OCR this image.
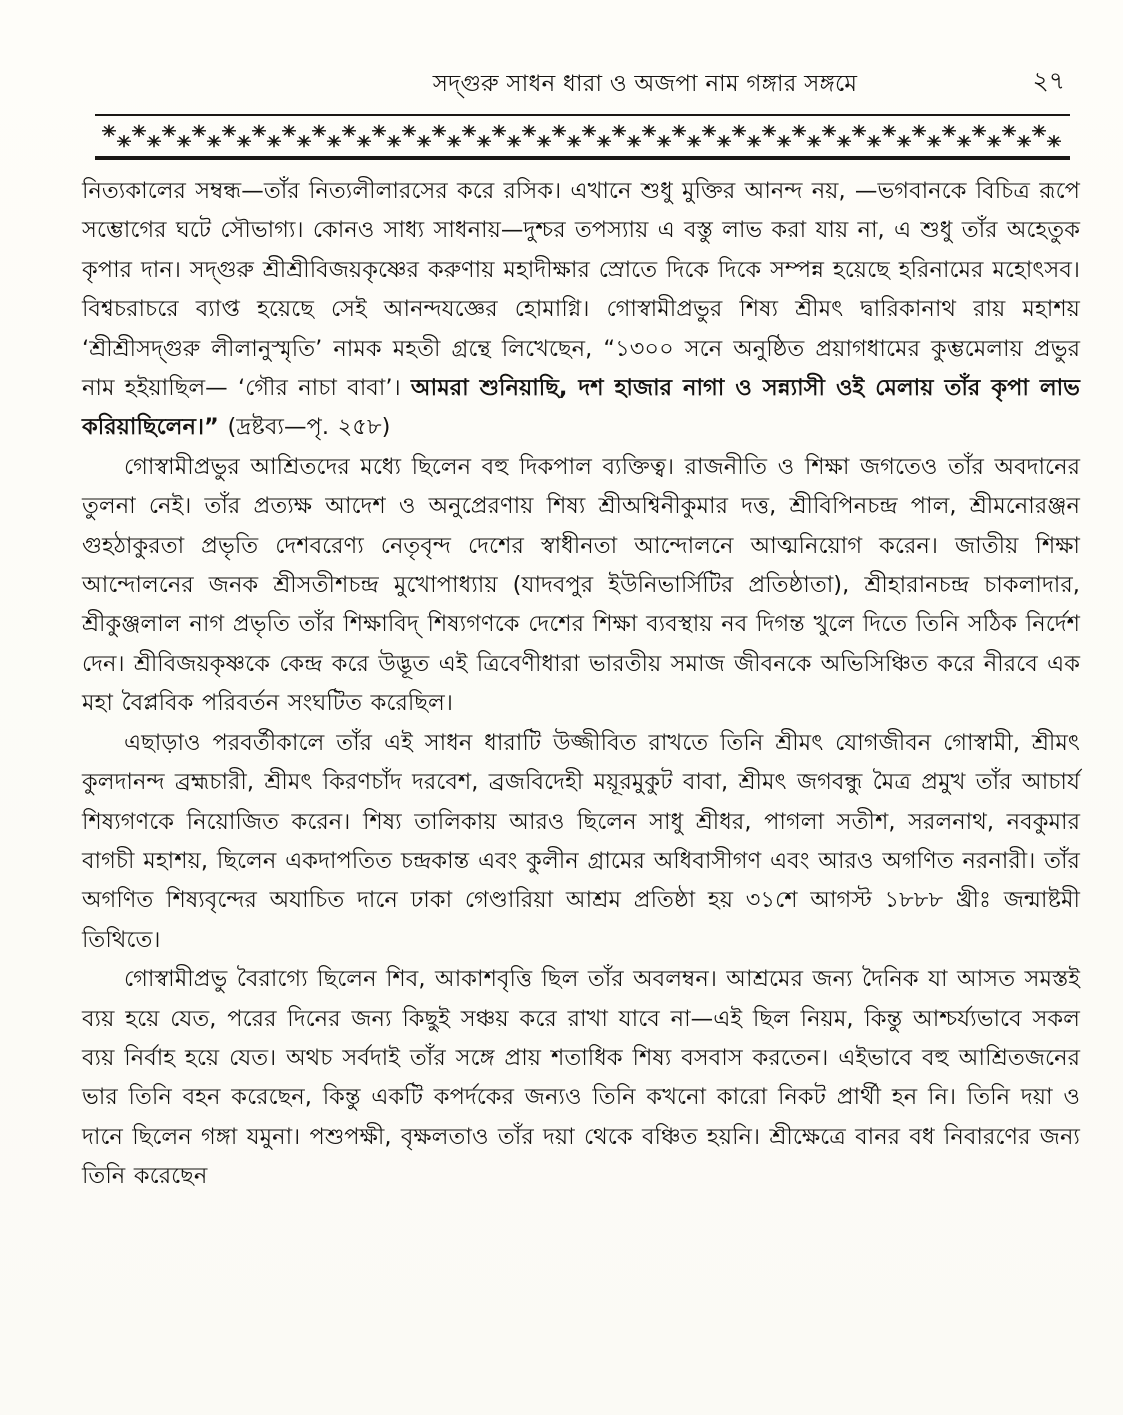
সদ্‌গুরু সাধন ধারা ও অজপা নাম গঙ্গার সঙ্গমে	২৭

নিত্যকালের সম্বন্ধ—তাঁর নিত্যলীলারসের করে রসিক। এখানে শুধু মুক্তির আনন্দ নয়, —ভগবানকে বিচিত্র রূপে সম্ভোগের ঘটে সৌভাগ্য। কোনও সাধ্য সাধনায়—দুশ্চর তপস্যায় এ বস্তু লাভ করা যায় না, এ শুধু তাঁর অহেতুক কৃপার দান। সদ্‌গুরু শ্রীশ্রীবিজয়কৃষ্ণের করুণায় মহাদীক্ষার স্রোতে দিকে দিকে সম্পন্ন হয়েছে হরিনামের মহোৎসব। বিশ্বচরাচরে ব্যাপ্ত হয়েছে সেই আনন্দযজ্ঞের হোমাগ্নি। গোস্বামীপ্রভুর শিষ্য শ্রীমৎ দ্বারিকানাথ রায় মহাশয় ‘শ্রীশ্রীসদ্‌গুরু লীলানুস্মৃতি’ নামক মহতী গ্রন্থে লিখেছেন, “১৩০০ সনে অনুষ্ঠিত প্রয়াগধামের কুম্ভমেলায় প্রভুর নাম হইয়াছিল— ‘গৌর নাচা বাবা’। আমরা শুনিয়াছি, দশ হাজার নাগা ও সন্ন্যাসী ওই মেলায় তাঁর কৃপা লাভ করিয়াছিলেন।” (দ্রষ্টব্য—পৃ. ২৫৮)

গোস্বামীপ্রভুর আশ্রিতদের মধ্যে ছিলেন বহু দিকপাল ব্যক্তিত্ব। রাজনীতি ও শিক্ষা জগতেও তাঁর অবদানের তুলনা নেই। তাঁর প্রত্যক্ষ আদেশ ও অনুপ্রেরণায় শিষ্য শ্রীঅশ্বিনীকুমার দত্ত, শ্রীবিপিনচন্দ্র পাল, শ্রীমনোরঞ্জন গুহঠাকুরতা প্রভৃতি দেশবরেণ্য নেতৃবৃন্দ দেশের স্বাধীনতা আন্দোলনে আত্মনিয়োগ করেন। জাতীয় শিক্ষা আন্দোলনের জনক শ্রীসতীশচন্দ্র মুখোপাধ্যায় (যাদবপুর ইউনিভার্সিটির প্রতিষ্ঠাতা), শ্রীহারানচন্দ্র চাকলাদার, শ্রীকুঞ্জলাল নাগ প্রভৃতি তাঁর শিক্ষাবিদ্‌ শিষ্যগণকে দেশের শিক্ষা ব্যবস্থায় নব দিগন্ত খুলে দিতে তিনি সঠিক নির্দেশ দেন। শ্রীবিজয়কৃষ্ণকে কেন্দ্র করে উদ্ভূত এই ত্রিবেণীধারা ভারতীয় সমাজ জীবনকে অভিসিঞ্চিত করে নীরবে এক মহা বৈপ্লবিক পরিবর্তন সংঘটিত করেছিল।

এছাড়াও পরবর্তীকালে তাঁর এই সাধন ধারাটি উজ্জীবিত রাখতে তিনি শ্রীমৎ যোগজীবন গোস্বামী, শ্রীমৎ কুলদানন্দ ব্রহ্মচারী, শ্রীমৎ কিরণচাঁদ দরবেশ, ব্রজবিদেহী ময়ূরমুকুট বাবা, শ্রীমৎ জগবন্ধু মৈত্র প্রমুখ তাঁর আচার্য শিষ্যগণকে নিয়োজিত করেন। শিষ্য তালিকায় আরও ছিলেন সাধু শ্রীধর, পাগলা সতীশ, সরলনাথ, নবকুমার বাগচী মহাশয়, ছিলেন একদাপতিত চন্দ্রকান্ত এবং কুলীন গ্রামের অধিবাসীগণ এবং আরও অগণিত নরনারী। তাঁর অগণিত শিষ্যবৃন্দের অযাচিত দানে ঢাকা গেণ্ডারিয়া আশ্রম প্রতিষ্ঠা হয় ৩১শে আগস্ট ১৮৮৮ খ্রীঃ জন্মাষ্টমী তিথিতে।

গোস্বামীপ্রভু বৈরাগ্যে ছিলেন শিব, আকাশবৃত্তি ছিল তাঁর অবলম্বন। আশ্রমের জন্য দৈনিক যা আসত সমস্তই ব্যয় হয়ে যেত, পরের দিনের জন্য কিছুই সঞ্চয় করে রাখা যাবে না—এই ছিল নিয়ম, কিন্তু আশ্চর্য্যভাবে সকল ব্যয় নির্বাহ হয়ে যেত। অথচ সর্বদাই তাঁর সঙ্গে প্রায় শতাধিক শিষ্য বসবাস করতেন। এইভাবে বহু আশ্রিতজনের ভার তিনি বহন করেছেন, কিন্তু একটি কপর্দকের জন্যও তিনি কখনো কারো নিকট প্রার্থী হন নি। তিনি দয়া ও দানে ছিলেন গঙ্গা যমুনা। পশুপক্ষী, বৃক্ষলতাও তাঁর দয়া থেকে বঞ্চিত হয়নি। শ্রীক্ষেত্রে বানর বধ নিবারণের জন্য তিনি করেছেন
